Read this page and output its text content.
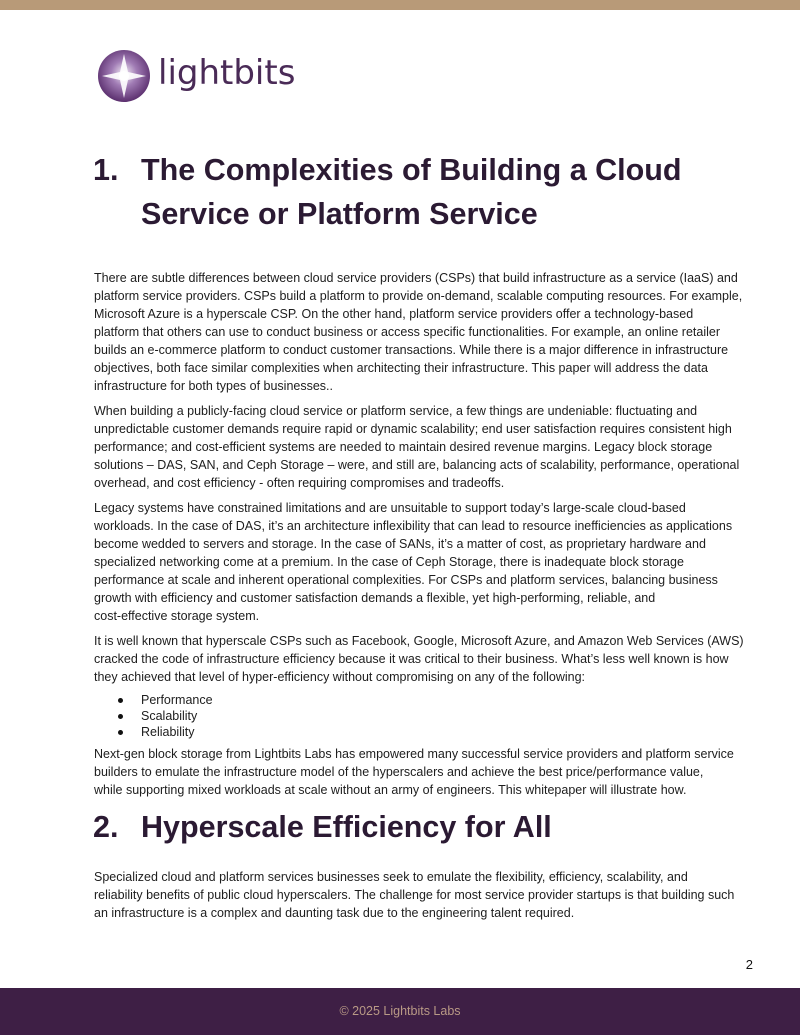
lightbits
1. The Complexities of Building a Cloud
Service or Platform Service

There are subtle differences between cloud service providers (CSPs) that build infrastructure as a service (IaaS) and
platform service providers. CSPs build a platform to provide on-demand, scalable computing resources. For example,
Microsoft Azure is a hyperscale CSP. On the other hand, platform service providers offer a technology-based
platform that others can use to conduct business or access specific functionalities. For example, an online retailer
builds an e-commerce platform to conduct customer transactions. While there is a major difference in infrastructure
objectives, both face similar complexities when architecting their infrastructure. This paper will address the data
infrastructure for both types of businesses..

When building a publicly-facing cloud service or platform service, a few things are undeniable: fluctuating and
unpredictable customer demands require rapid or dynamic scalability; end user satisfaction requires consistent high
performance; and cost-efficient systems are needed to maintain desired revenue margins. Legacy block storage
solutions – DAS, SAN, and Ceph Storage – were, and still are, balancing acts of scalability, performance, operational
overhead, and cost efficiency - often requiring compromises and tradeoffs.

Legacy systems have constrained limitations and are unsuitable to support today’s large-scale cloud-based
workloads. In the case of DAS, it’s an architecture inflexibility that can lead to resource inefficiencies as applications
become wedded to servers and storage. In the case of SANs, it’s a matter of cost, as proprietary hardware and
specialized networking come at a premium. In the case of Ceph Storage, there is inadequate block storage
performance at scale and inherent operational complexities. For CSPs and platform services, balancing business
growth with efficiency and customer satisfaction demands a flexible, yet high-performing, reliable, and
cost-effective storage system.

It is well known that hyperscale CSPs such as Facebook, Google, Microsoft Azure, and Amazon Web Services (AWS)
cracked the code of infrastructure efficiency because it was critical to their business. What’s less well known is how
they achieved that level of hyper-efficiency without compromising on any of the following:

Performance
Scalability
Reliability

Next-gen block storage from Lightbits Labs has empowered many successful service providers and platform service
builders to emulate the infrastructure model of the hyperscalers and achieve the best price/performance value,
while supporting mixed workloads at scale without an army of engineers. This whitepaper will illustrate how.

2. Hyperscale Efficiency for All

Specialized cloud and platform services businesses seek to emulate the flexibility, efficiency, scalability, and
reliability benefits of public cloud hyperscalers. The challenge for most service provider startups is that building such
an infrastructure is a complex and daunting task due to the engineering talent required.

2
© 2025 Lightbits Labs
